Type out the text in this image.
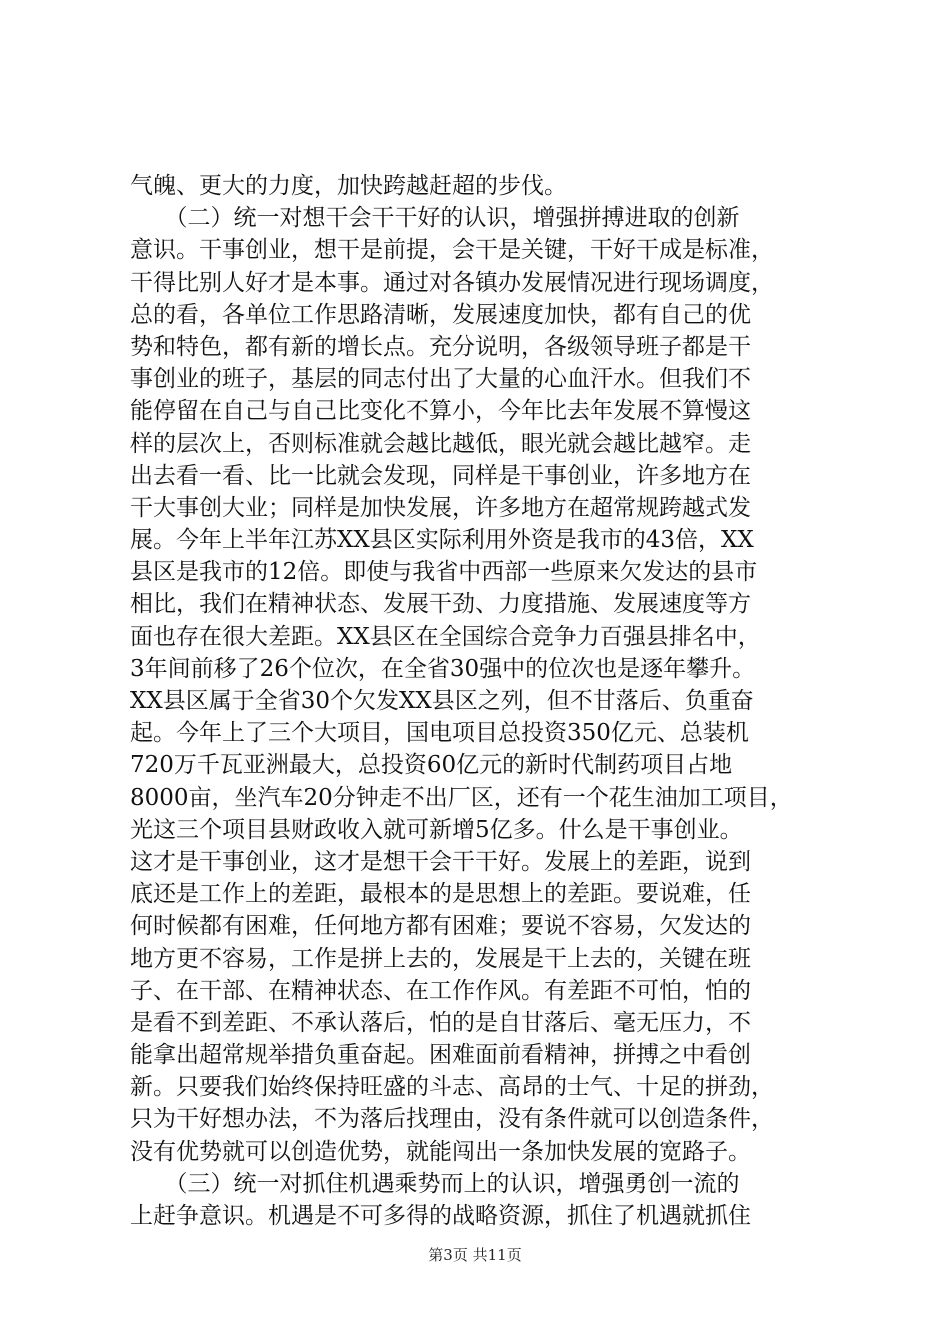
气魄、更大的力度，加快跨越赶超的步伐。
　　（二）统一对想干会干干好的认识，增强拼搏进取的创新
意识。干事创业，想干是前提，会干是关键，干好干成是标准，
干得比别人好才是本事。通过对各镇办发展情况进行现场调度，
总的看，各单位工作思路清晰，发展速度加快，都有自己的优
势和特色，都有新的增长点。充分说明，各级领导班子都是干
事创业的班子，基层的同志付出了大量的心血汗水。但我们不
能停留在自己与自己比变化不算小，今年比去年发展不算慢这
样的层次上，否则标准就会越比越低，眼光就会越比越窄。走
出去看一看、比一比就会发现，同样是干事创业，许多地方在
干大事创大业；同样是加快发展，许多地方在超常规跨越式发
展。今年上半年江苏XX县区实际利用外资是我市的43倍，XX
县区是我市的12倍。即使与我省中西部一些原来欠发达的县市
相比，我们在精神状态、发展干劲、力度措施、发展速度等方
面也存在很大差距。XX县区在全国综合竞争力百强县排名中，
3年间前移了26个位次，在全省30强中的位次也是逐年攀升。
XX县区属于全省30个欠发XX县区之列，但不甘落后、负重奋
起。今年上了三个大项目，国电项目总投资350亿元、总装机
720万千瓦亚洲最大，总投资60亿元的新时代制药项目占地
8000亩，坐汽车20分钟走不出厂区，还有一个花生油加工项目，
光这三个项目县财政收入就可新增5亿多。什么是干事创业。
这才是干事创业，这才是想干会干干好。发展上的差距，说到
底还是工作上的差距，最根本的是思想上的差距。要说难，任
何时候都有困难，任何地方都有困难；要说不容易，欠发达的
地方更不容易，工作是拼上去的，发展是干上去的，关键在班
子、在干部、在精神状态、在工作作风。有差距不可怕，怕的
是看不到差距、不承认落后，怕的是自甘落后、毫无压力，不
能拿出超常规举措负重奋起。困难面前看精神，拼搏之中看创
新。只要我们始终保持旺盛的斗志、高昂的士气、十足的拼劲，
只为干好想办法，不为落后找理由，没有条件就可以创造条件，
没有优势就可以创造优势，就能闯出一条加快发展的宽路子。
　　（三）统一对抓住机遇乘势而上的认识，增强勇创一流的
上赶争意识。机遇是不可多得的战略资源，抓住了机遇就抓住
第3页 共11页
